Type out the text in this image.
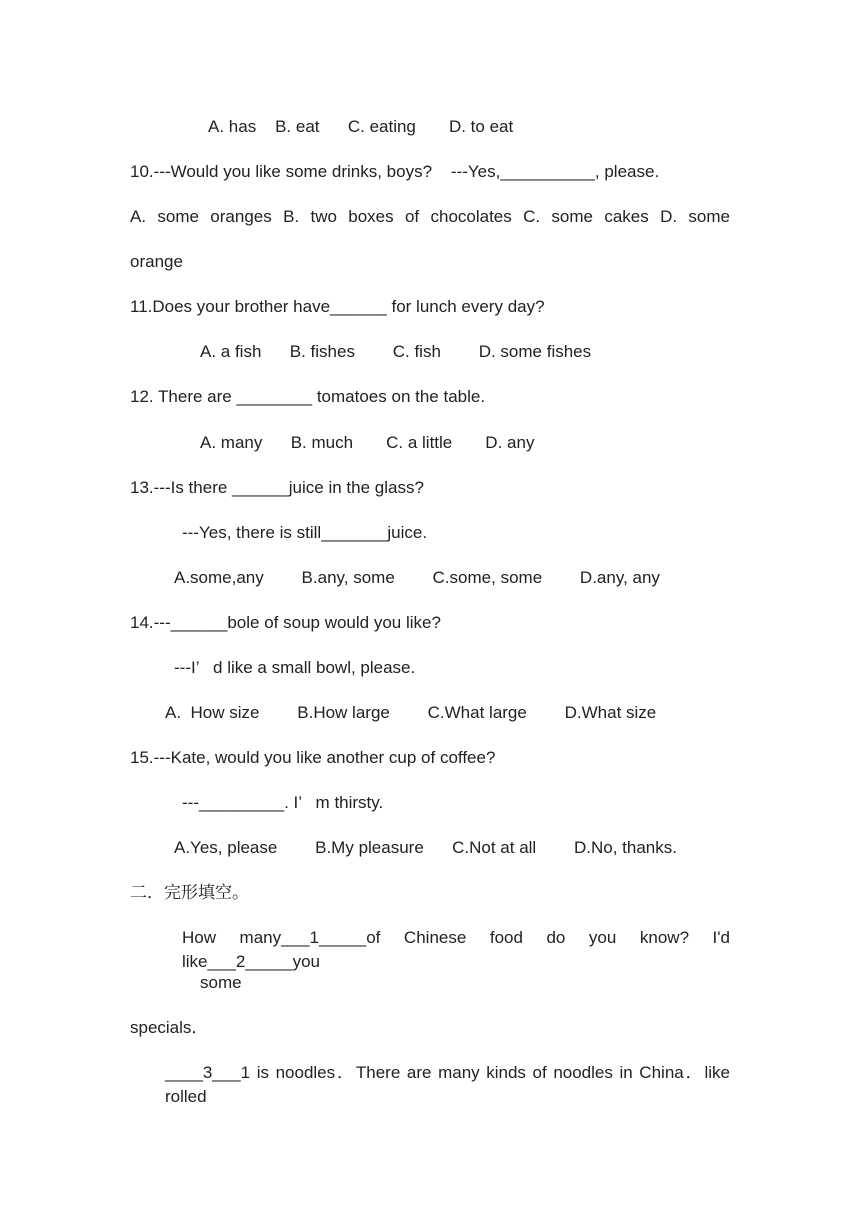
A. has    B. eat      C. eating       D. to eat
10.---Would you like some drinks, boys?    ---Yes,__________, please.
A. some oranges B. two boxes of chocolates C. some cakes D. some
orange
11.Does your brother have______ for lunch every day?
A. a fish      B. fishes        C. fish        D. some fishes
12. There are ________ tomatoes on the table.
A. many      B. much       C. a little       D. any
13.---Is there ______juice in the glass?
---Yes, there is still_______juice.
A.some,any        B.any, some        C.some, some        D.any, any
14.---______bole of soup would you like?
---I’   d like a small bowl, please.
A.  How size        B.How large        C.What large        D.What size
15.---Kate, would you like another cup of coffee?
---_________. I’   m thirsty.
A.Yes, please        B.My pleasure      C.Not at all        D.No, thanks.
二．完形填空。
How many___1_____of Chinese food do you know? I'd like___2_____you
some
specials．
____3___1 is noodles．There are many kinds of noodles in China．like rolled
